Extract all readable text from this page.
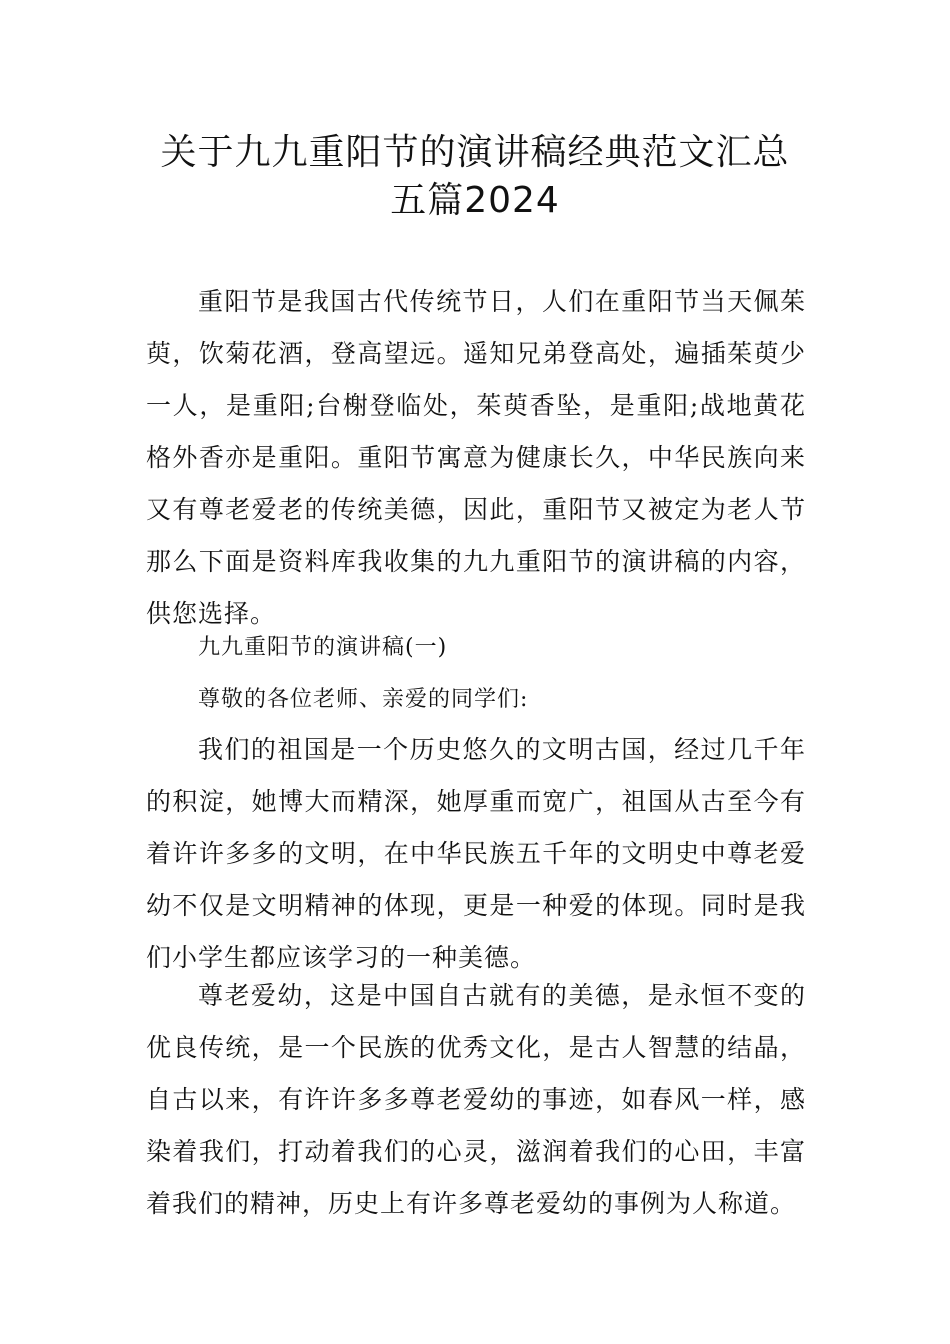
关于九九重阳节的演讲稿经典范文汇总
五篇2024

重阳节是我国古代传统节日，人们在重阳节当天佩茱萸，饮菊花酒，登高望远。遥知兄弟登高处，遍插茱萸少一人，是重阳;台榭登临处，茱萸香坠，是重阳;战地黄花格外香亦是重阳。重阳节寓意为健康长久，中华民族向来又有尊老爱老的传统美德，因此，重阳节又被定为老人节那么下面是资料库我收集的九九重阳节的演讲稿的内容，供您选择。

九九重阳节的演讲稿(一)

尊敬的各位老师、亲爱的同学们:

我们的祖国是一个历史悠久的文明古国，经过几千年的积淀，她博大而精深，她厚重而宽广，祖国从古至今有着许许多多的文明，在中华民族五千年的文明史中尊老爱幼不仅是文明精神的体现，更是一种爱的体现。同时是我们小学生都应该学习的一种美德。

尊老爱幼，这是中国自古就有的美德，是永恒不变的优良传统，是一个民族的优秀文化，是古人智慧的结晶，自古以来，有许许多多尊老爱幼的事迹，如春风一样，感染着我们，打动着我们的心灵，滋润着我们的心田，丰富着我们的精神，历史上有许多尊老爱幼的事例为人称道。
